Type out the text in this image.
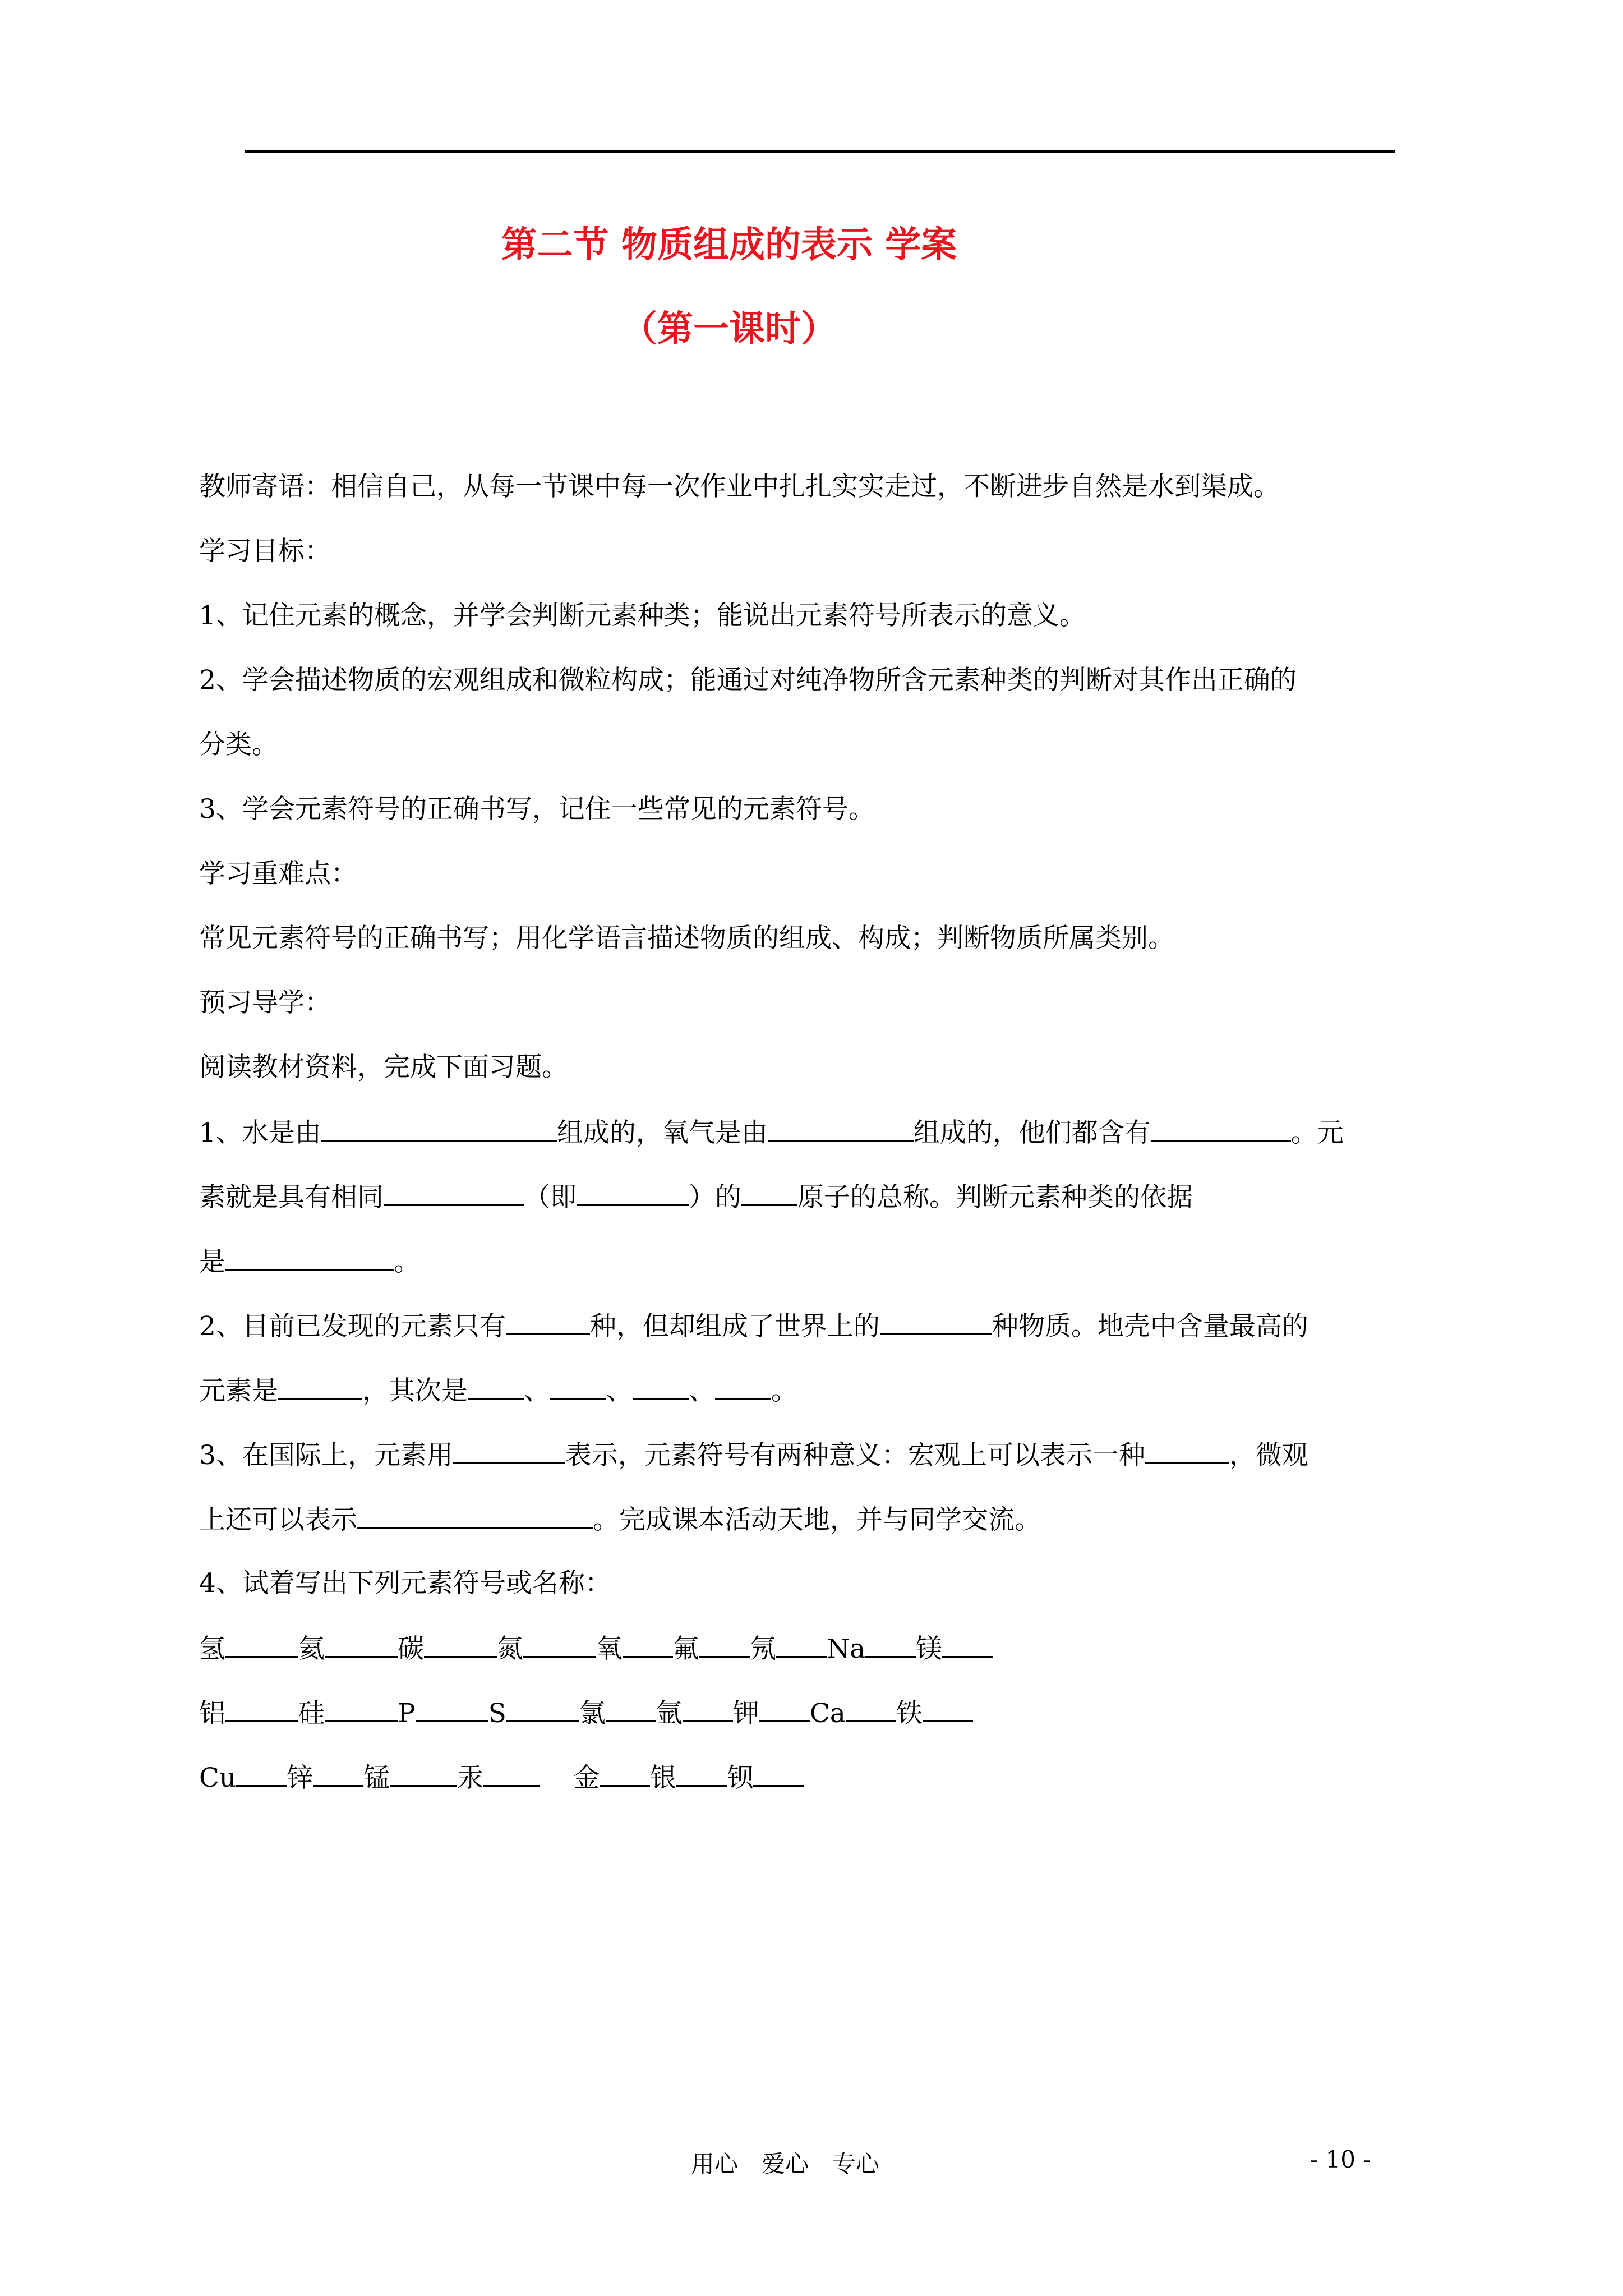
第二节 物质组成的表示 学案
（第一课时）
教师寄语：相信自己，从每一节课中每一次作业中扎扎实实走过，不断进步自然是水到渠成。
学习目标：
1、记住元素的概念，并学会判断元素种类；能说出元素符号所表示的意义。
2、学会描述物质的宏观组成和微粒构成；能通过对纯净物所含元素种类的判断对其作出正确的
分类。
3、学会元素符号的正确书写，记住一些常见的元素符号。
学习重难点：
常见元素符号的正确书写；用化学语言描述物质的组成、构成；判断物质所属类别。
预习导学：
阅读教材资料，完成下面习题。
1、水是由	组成的，氧气是由	组成的，他们都含有	。元
素就是具有相同	（即	）的 原子的总称。判断元素种类的依据
是	。
2、目前已发现的元素只有	种，但却组成了世界上的	种物质。地壳中含量最高的
元素是	，其次是 、 、 、 。
3、在国际上，元素用	表示，元素符号有两种意义：宏观上可以表示一种	，微观
上还可以表示	。完成课本活动天地，并与同学交流。
4、试着写出下列元素符号或名称：
氢	氦	碳	氮	氧 氟 氖 Na 镁
铝	硅	P	S	氯 氩 钾 Ca 铁
Cu 锌 锰	汞	金 银 钡
用心　爱心　专心	- 10 -
